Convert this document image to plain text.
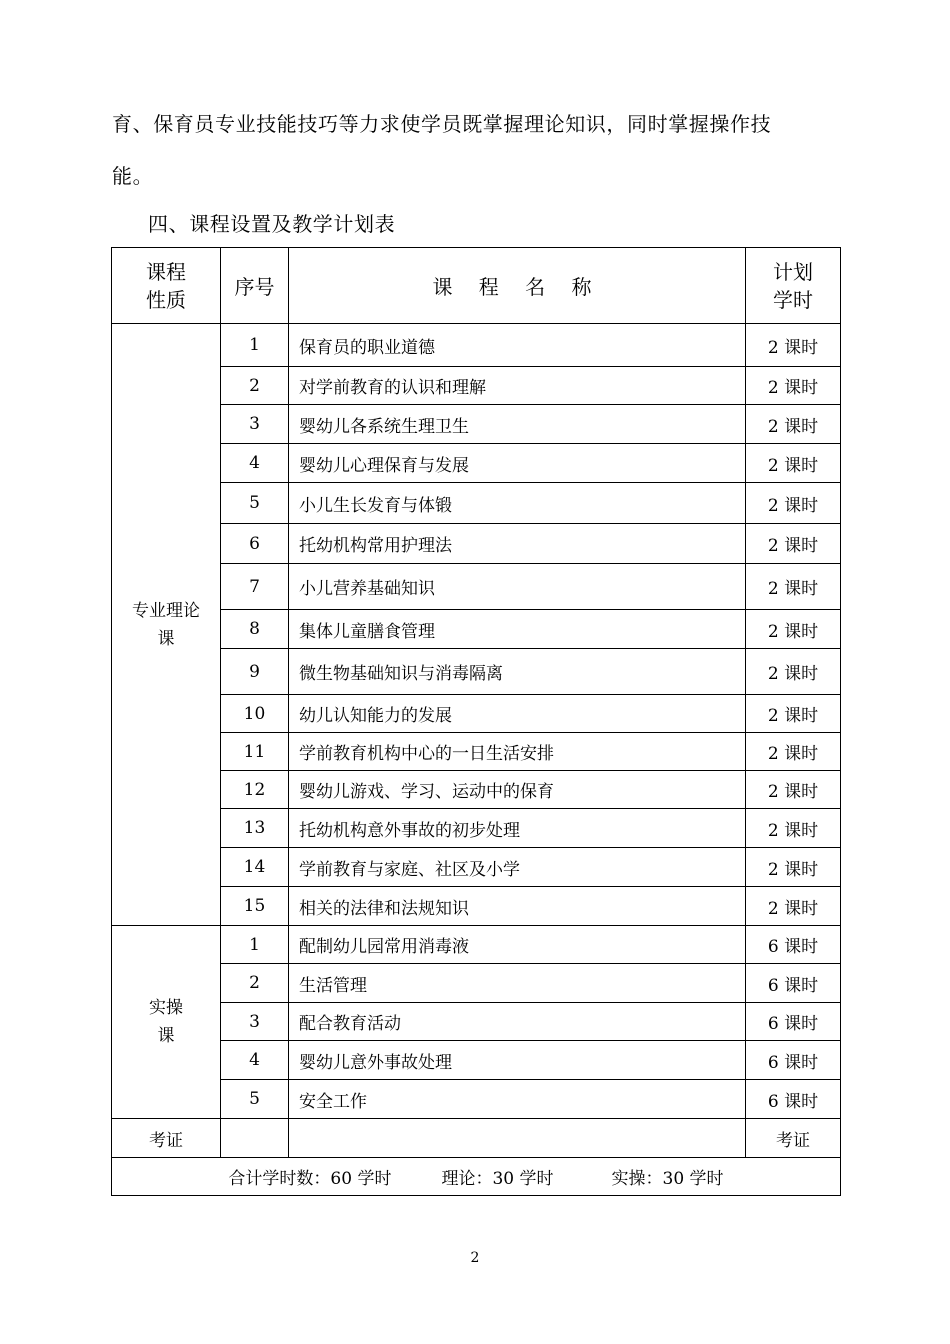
育、保育员专业技能技巧等力求使学员既掌握理论知识，同时掌握操作技
能。
四、课程设置及教学计划表
课程
性质	序号	课 程 名 称	计划
学时

专业理论
课	1	保育员的职业道德	2 课时
	2	对学前教育的认识和理解	2 课时
	3	婴幼儿各系统生理卫生	2 课时
	4	婴幼儿心理保育与发展	2 课时
	5	小儿生长发育与体锻	2 课时
	6	托幼机构常用护理法	2 课时
	7	小儿营养基础知识	2 课时
	8	集体儿童膳食管理	2 课时
	9	微生物基础知识与消毒隔离	2 课时
	10	幼儿认知能力的发展	2 课时
	11	学前教育机构中心的一日生活安排	2 课时
	12	婴幼儿游戏、学习、运动中的保育	2 课时
	13	托幼机构意外事故的初步处理	2 课时
	14	学前教育与家庭、社区及小学	2 课时
	15	相关的法律和法规知识	2 课时

实操
课	1	配制幼儿园常用消毒液	6 课时
	2	生活管理	6 课时
	3	配合教育活动	6 课时
	4	婴幼儿意外事故处理	6 课时
	5	安全工作	6 课时
考证			考证
合计学时数：60 学时 理论：30 学时 实操：30 学时			
2
